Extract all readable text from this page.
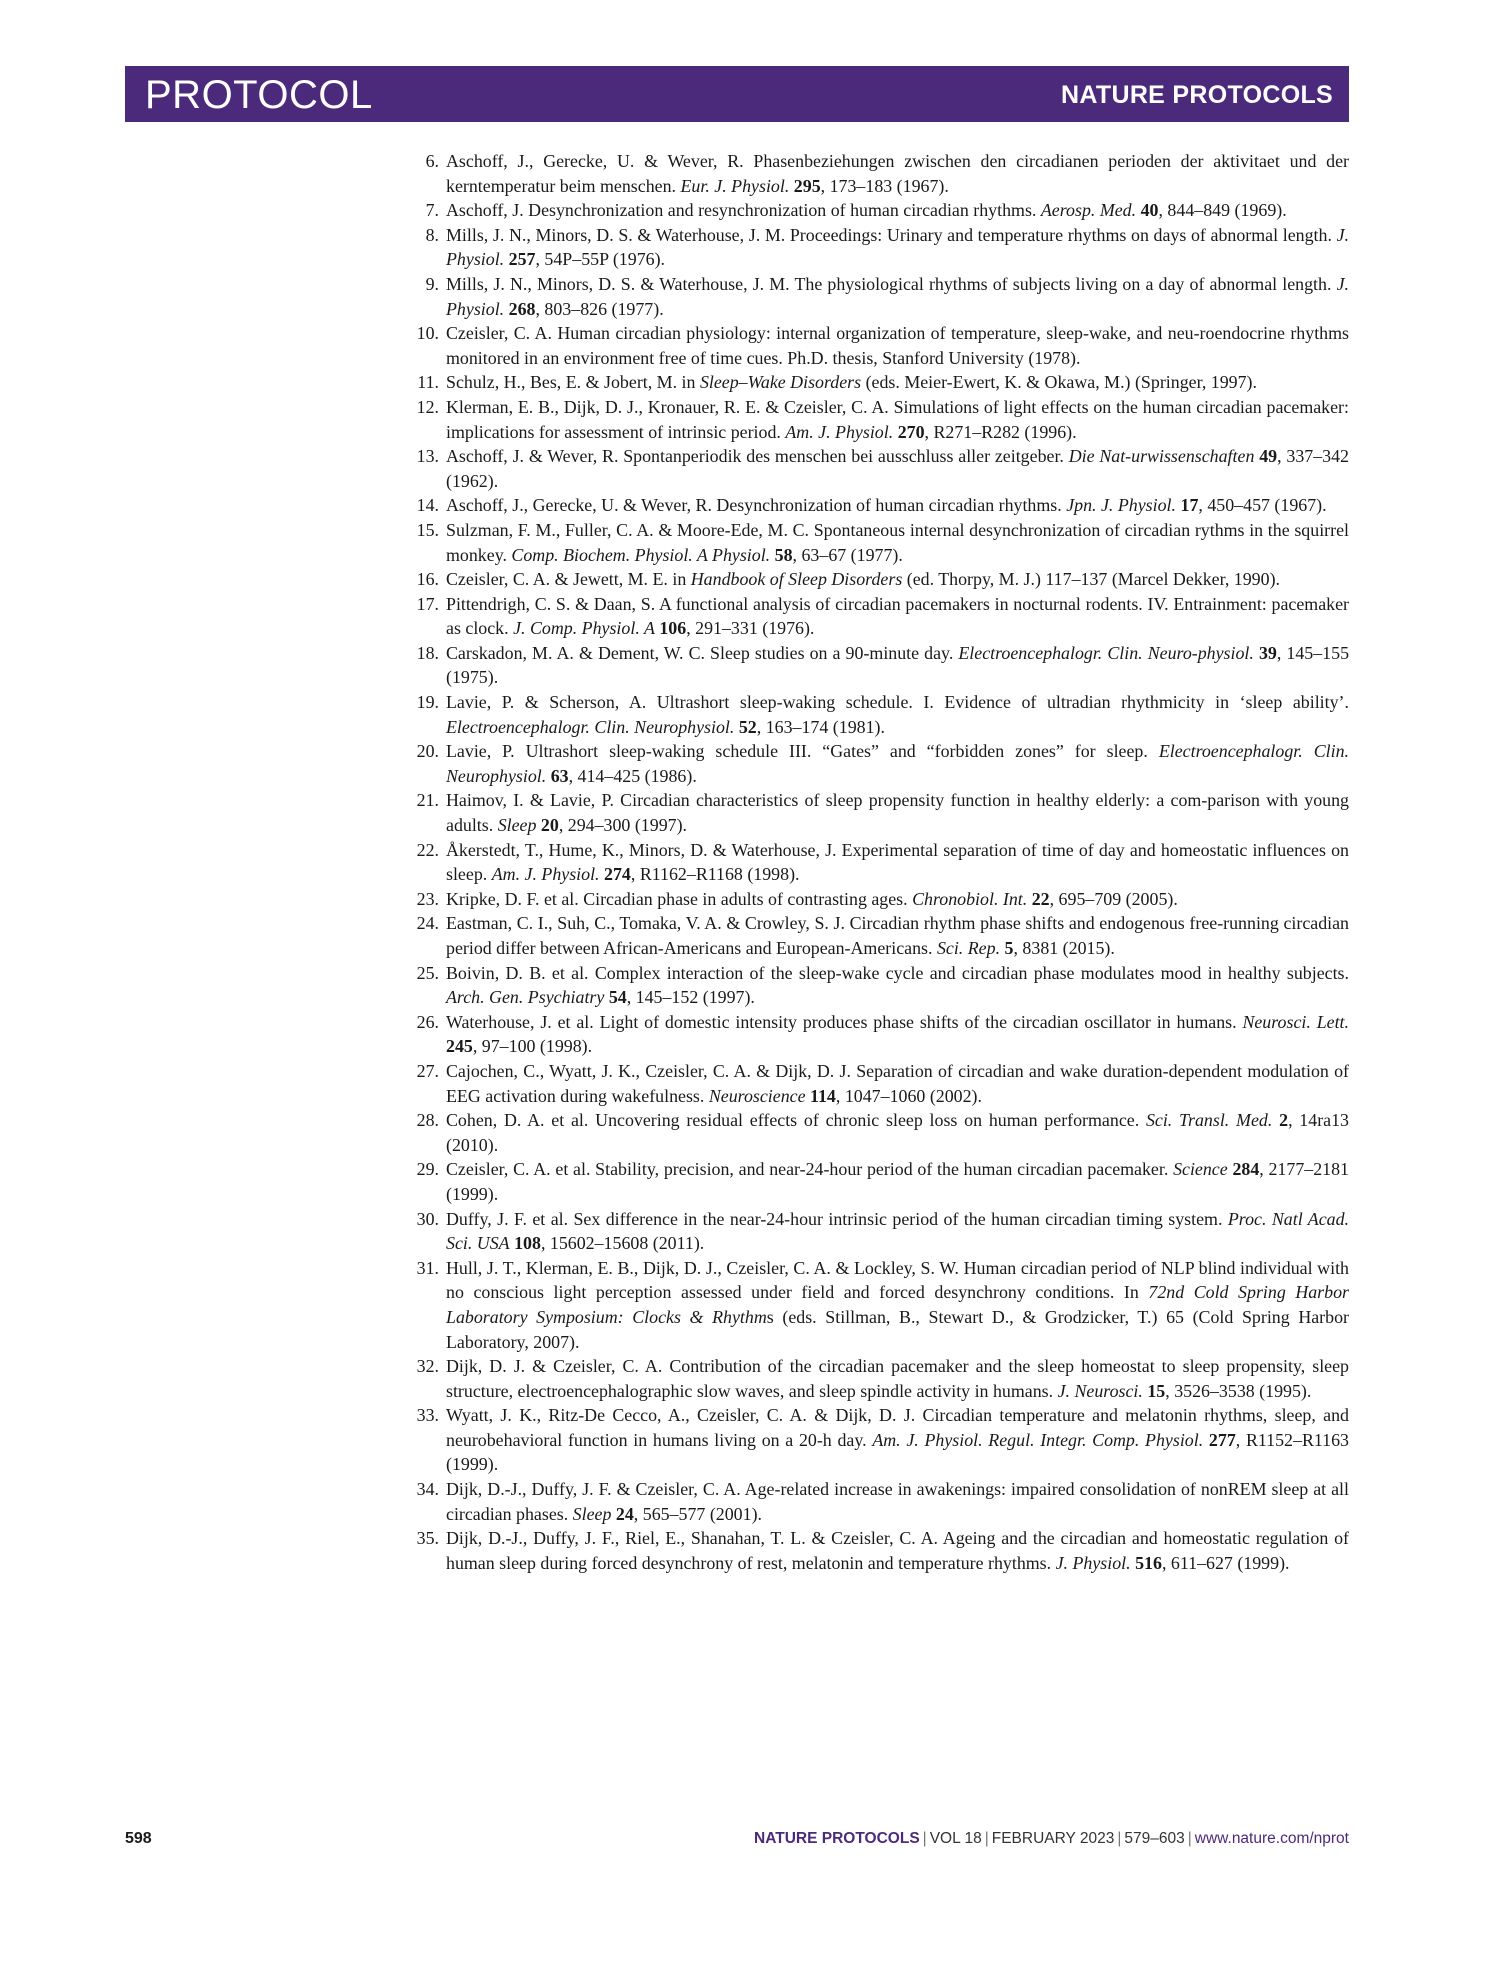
PROTOCOL	NATURE PROTOCOLS
6. Aschoff, J., Gerecke, U. & Wever, R. Phasenbeziehungen zwischen den circadianen perioden der aktivitaet und der kerntemperatur beim menschen. Eur. J. Physiol. 295, 173–183 (1967).
7. Aschoff, J. Desynchronization and resynchronization of human circadian rhythms. Aerosp. Med. 40, 844–849 (1969).
8. Mills, J. N., Minors, D. S. & Waterhouse, J. M. Proceedings: Urinary and temperature rhythms on days of abnormal length. J. Physiol. 257, 54P–55P (1976).
9. Mills, J. N., Minors, D. S. & Waterhouse, J. M. The physiological rhythms of subjects living on a day of abnormal length. J. Physiol. 268, 803–826 (1977).
10. Czeisler, C. A. Human circadian physiology: internal organization of temperature, sleep-wake, and neu-roendocrine rhythms monitored in an environment free of time cues. Ph.D. thesis, Stanford University (1978).
11. Schulz, H., Bes, E. & Jobert, M. in Sleep–Wake Disorders (eds. Meier-Ewert, K. & Okawa, M.) (Springer, 1997).
12. Klerman, E. B., Dijk, D. J., Kronauer, R. E. & Czeisler, C. A. Simulations of light effects on the human circadian pacemaker: implications for assessment of intrinsic period. Am. J. Physiol. 270, R271–R282 (1996).
13. Aschoff, J. & Wever, R. Spontanperiodik des menschen bei ausschluss aller zeitgeber. Die Nat-urwissenschaften 49, 337–342 (1962).
14. Aschoff, J., Gerecke, U. & Wever, R. Desynchronization of human circadian rhythms. Jpn. J. Physiol. 17, 450–457 (1967).
15. Sulzman, F. M., Fuller, C. A. & Moore-Ede, M. C. Spontaneous internal desynchronization of circadian rythms in the squirrel monkey. Comp. Biochem. Physiol. A Physiol. 58, 63–67 (1977).
16. Czeisler, C. A. & Jewett, M. E. in Handbook of Sleep Disorders (ed. Thorpy, M. J.) 117–137 (Marcel Dekker, 1990).
17. Pittendrigh, C. S. & Daan, S. A functional analysis of circadian pacemakers in nocturnal rodents. IV. Entrainment: pacemaker as clock. J. Comp. Physiol. A 106, 291–331 (1976).
18. Carskadon, M. A. & Dement, W. C. Sleep studies on a 90-minute day. Electroencephalogr. Clin. Neuro-physiol. 39, 145–155 (1975).
19. Lavie, P. & Scherson, A. Ultrashort sleep-waking schedule. I. Evidence of ultradian rhythmicity in ‘sleep ability’. Electroencephalogr. Clin. Neurophysiol. 52, 163–174 (1981).
20. Lavie, P. Ultrashort sleep-waking schedule III. “Gates” and “forbidden zones” for sleep. Electroencephalogr. Clin. Neurophysiol. 63, 414–425 (1986).
21. Haimov, I. & Lavie, P. Circadian characteristics of sleep propensity function in healthy elderly: a com-parison with young adults. Sleep 20, 294–300 (1997).
22. Åkerstedt, T., Hume, K., Minors, D. & Waterhouse, J. Experimental separation of time of day and homeostatic influences on sleep. Am. J. Physiol. 274, R1162–R1168 (1998).
23. Kripke, D. F. et al. Circadian phase in adults of contrasting ages. Chronobiol. Int. 22, 695–709 (2005).
24. Eastman, C. I., Suh, C., Tomaka, V. A. & Crowley, S. J. Circadian rhythm phase shifts and endogenous free-running circadian period differ between African-Americans and European-Americans. Sci. Rep. 5, 8381 (2015).
25. Boivin, D. B. et al. Complex interaction of the sleep-wake cycle and circadian phase modulates mood in healthy subjects. Arch. Gen. Psychiatry 54, 145–152 (1997).
26. Waterhouse, J. et al. Light of domestic intensity produces phase shifts of the circadian oscillator in humans. Neurosci. Lett. 245, 97–100 (1998).
27. Cajochen, C., Wyatt, J. K., Czeisler, C. A. & Dijk, D. J. Separation of circadian and wake duration-dependent modulation of EEG activation during wakefulness. Neuroscience 114, 1047–1060 (2002).
28. Cohen, D. A. et al. Uncovering residual effects of chronic sleep loss on human performance. Sci. Transl. Med. 2, 14ra13 (2010).
29. Czeisler, C. A. et al. Stability, precision, and near-24-hour period of the human circadian pacemaker. Science 284, 2177–2181 (1999).
30. Duffy, J. F. et al. Sex difference in the near-24-hour intrinsic period of the human circadian timing system. Proc. Natl Acad. Sci. USA 108, 15602–15608 (2011).
31. Hull, J. T., Klerman, E. B., Dijk, D. J., Czeisler, C. A. & Lockley, S. W. Human circadian period of NLP blind individual with no conscious light perception assessed under field and forced desynchrony conditions. In 72nd Cold Spring Harbor Laboratory Symposium: Clocks & Rhythms (eds. Stillman, B., Stewart D., & Grodzicker, T.) 65 (Cold Spring Harbor Laboratory, 2007).
32. Dijk, D. J. & Czeisler, C. A. Contribution of the circadian pacemaker and the sleep homeostat to sleep propensity, sleep structure, electroencephalographic slow waves, and sleep spindle activity in humans. J. Neurosci. 15, 3526–3538 (1995).
33. Wyatt, J. K., Ritz-De Cecco, A., Czeisler, C. A. & Dijk, D. J. Circadian temperature and melatonin rhythms, sleep, and neurobehavioral function in humans living on a 20-h day. Am. J. Physiol. Regul. Integr. Comp. Physiol. 277, R1152–R1163 (1999).
34. Dijk, D.-J., Duffy, J. F. & Czeisler, C. A. Age-related increase in awakenings: impaired consolidation of nonREM sleep at all circadian phases. Sleep 24, 565–577 (2001).
35. Dijk, D.-J., Duffy, J. F., Riel, E., Shanahan, T. L. & Czeisler, C. A. Ageing and the circadian and homeostatic regulation of human sleep during forced desynchrony of rest, melatonin and temperature rhythms. J. Physiol. 516, 611–627 (1999).
598	NATURE PROTOCOLS | VOL 18 | FEBRUARY 2023 | 579–603 | www.nature.com/nprot
